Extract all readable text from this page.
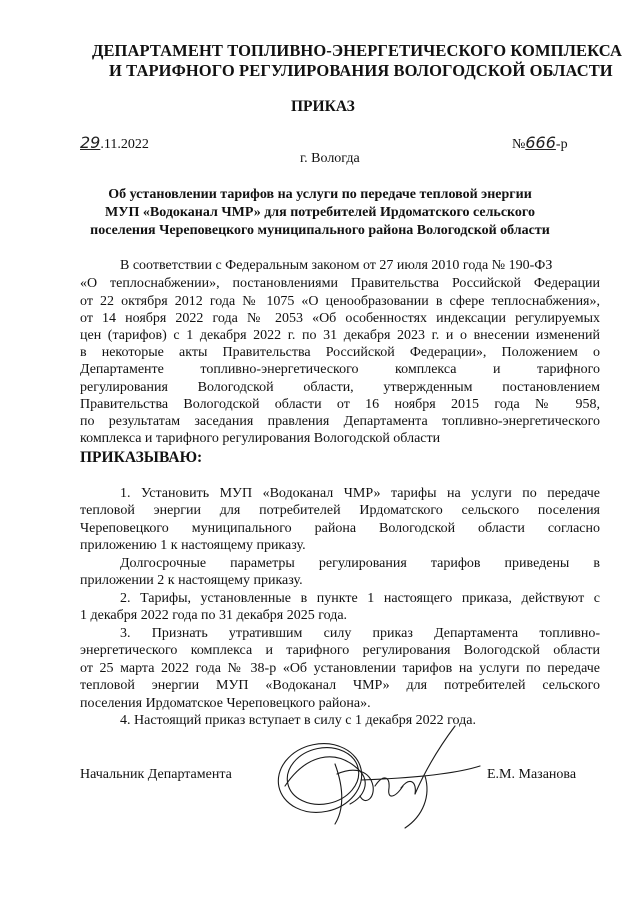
ДЕПАРТАМЕНТ ТОПЛИВНО-ЭНЕРГЕТИЧЕСКОГО КОМПЛЕКСА
И ТАРИФНОГО РЕГУЛИРОВАНИЯ ВОЛОГОДСКОЙ ОБЛАСТИ
ПРИКАЗ
29.11.2022	№666-р
г. Вологда
Об установлении тарифов на услуги по передаче тепловой энергии
МУП «Водоканал ЧМР» для потребителей Ирдоматского сельского
поселения Череповецкого муниципального района Вологодской области
В соответствии с Федеральным законом от 27 июля 2010 года № 190-ФЗ
«О теплоснабжении», постановлениями Правительства Российской Федерации
от 22 октября 2012 года № 1075 «О ценообразовании в сфере теплоснабжения»,
от 14 ноября 2022 года № 2053 «Об особенностях индексации регулируемых
цен (тарифов) с 1 декабря 2022 г. по 31 декабря 2023 г. и о внесении изменений
в некоторые акты Правительства Российской Федерации», Положением о
Департаменте топливно-энергетического комплекса и тарифного
регулирования Вологодской области, утвержденным постановлением
Правительства Вологодской области от 16 ноября 2015 года № 958,
по результатам заседания правления Департамента топливно-энергетического
комплекса и тарифного регулирования Вологодской области
ПРИКАЗЫВАЮ:
1. Установить МУП «Водоканал ЧМР» тарифы на услуги по передаче
тепловой энергии для потребителей Ирдоматского сельского поселения
Череповецкого муниципального района Вологодской области согласно
приложению 1 к настоящему приказу.
Долгосрочные параметры регулирования тарифов приведены в
приложении 2 к настоящему приказу.
2. Тарифы, установленные в пункте 1 настоящего приказа, действуют с
1 декабря 2022 года по 31 декабря 2025 года.
3. Признать утратившим силу приказ Департамента топливно-
энергетического комплекса и тарифного регулирования Вологодской области
от 25 марта 2022 года № 38-р «Об установлении тарифов на услуги по передаче
тепловой энергии МУП «Водоканал ЧМР» для потребителей сельского
поселения Ирдоматское Череповецкого района».
4. Настоящий приказ вступает в силу с 1 декабря 2022 года.
Начальник Департамента	Е.М. Мазанова
